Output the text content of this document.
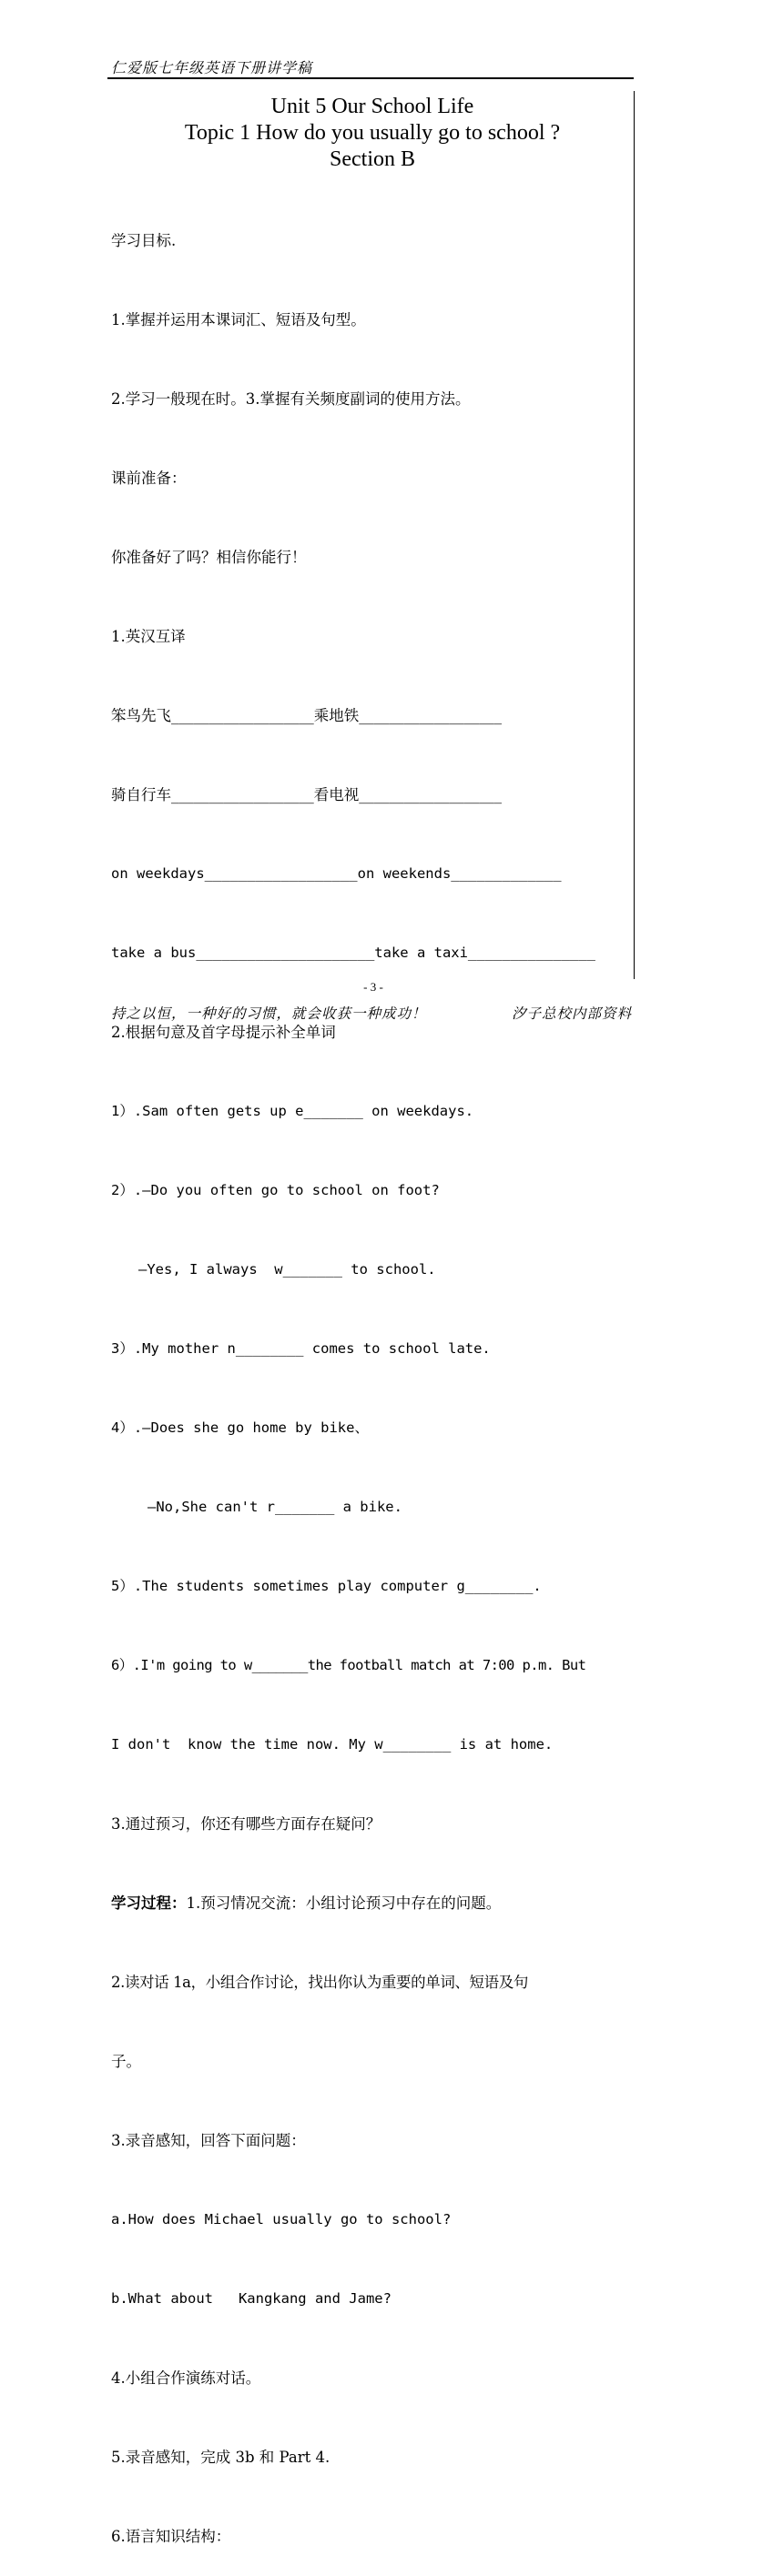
仁爱版七年级英语下册讲学稿
Unit 5 Our School Life
Topic 1 How do you usually go to school ?
Section B

学习目标.

1.掌握并运用本课词汇、短语及句型。

2.学习一般现在时。3.掌握有关频度副词的使用方法。

课前准备：

你准备好了吗？相信你能行！

1.英汉互译

笨鸟先飞___________________乘地铁___________________

骑自行车___________________看电视___________________

on weekdays__________________on weekends_____________

take a bus_____________________take a taxi_______________

2.根据句意及首字母提示补全单词

1）.Sam often gets up e_______ on weekdays.

2）.—Do you often go to school on foot?

—Yes, I always  w_______ to school.

3）.My mother n________ comes to school late.

4）.—Does she go home by bike、

—No,She can't r_______ a bike.

5）.The students sometimes play computer g________.

6）.I'm going to w_______the football match at 7:00 p.m. But

I don't  know the time now. My w________ is at home.

3.通过预习，你还有哪些方面存在疑问？

学习过程：1.预习情况交流：小组讨论预习中存在的问题。

2.读对话 1a，小组合作讨论，找出你认为重要的单词、短语及句

子。

3.录音感知，回答下面问题：

a.How does Michael usually go to school?

b.What about   Kangkang and Jame?

4.小组合作演练对话。

5.录音感知，完成 3b 和 Part 4.

6.语言知识结构：

- 3 -
持之以恒，一种好的习惯，就会收获一种成功！	汐子总校内部资料
